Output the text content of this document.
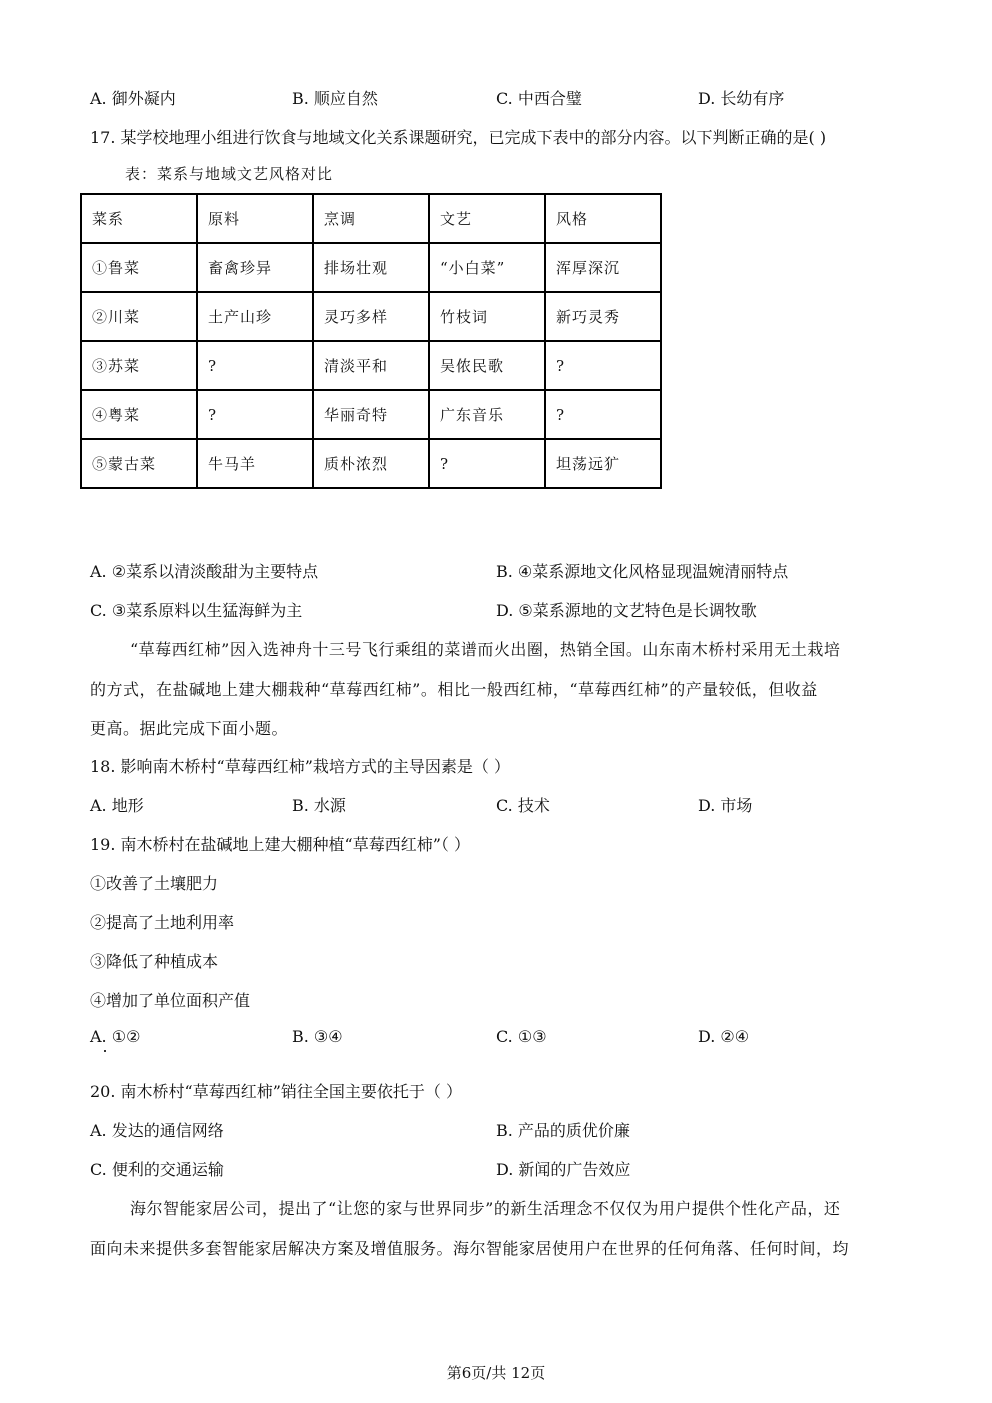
A. 御外凝内	B. 顺应自然	C. 中西合璧	D. 长幼有序
17. 某学校地理小组进行饮食与地域文化关系课题研究，已完成下表中的部分内容。以下判断正确的是( )
表：菜系与地域文艺风格对比
菜系	原料	烹调	文艺	风格
①鲁菜	畜禽珍异	排场壮观	“小白菜”	浑厚深沉
②川菜	土产山珍	灵巧多样	竹枝词	新巧灵秀
③苏菜	?	清淡平和	吴侬民歌	?
④粤菜	?	华丽奇特	广东音乐	?
⑤蒙古菜	牛马羊	质朴浓烈	?	坦荡远犷
A. ②菜系以清淡酸甜为主要特点	B. ④菜系源地文化风格显现温婉清丽特点
C. ③菜系原料以生猛海鲜为主	D. ⑤菜系源地的文艺特色是长调牧歌
“草莓西红柿”因入选神舟十三号飞行乘组的菜谱而火出圈，热销全国。山东南木桥村采用无土栽培
的方式，在盐碱地上建大棚栽种“草莓西红柿”。相比一般西红柿，“草莓西红柿”的产量较低，但收益
更高。据此完成下面小题。
18. 影响南木桥村“草莓西红柿”栽培方式的主导因素是（ ）
A. 地形	B. 水源	C. 技术	D. 市场
19. 南木桥村在盐碱地上建大棚种植“草莓西红柿”（ ）
①改善了土壤肥力
②提高了土地利用率
③降低了种植成本
④增加了单位面积产值
A. ①②	B. ③④	C. ①③	D. ②④
20. 南木桥村“草莓西红柿”销往全国主要依托于（ ）
A. 发达的通信网络	B. 产品的质优价廉
C. 便利的交通运输	D. 新闻的广告效应
海尔智能家居公司，提出了“让您的家与世界同步”的新生活理念不仅仅为用户提供个性化产品，还
面向未来提供多套智能家居解决方案及增值服务。海尔智能家居使用户在世界的任何角落、任何时间，均
第6页/共 12页
